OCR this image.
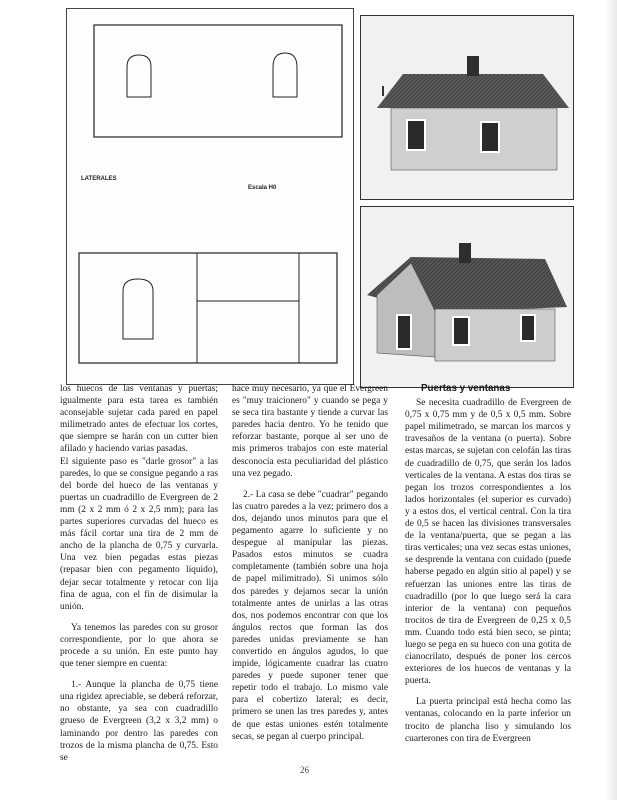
LATERALES
Escala H0

los huecos de las ventanas y puertas; igualmente para esta tarea es también aconsejable sujetar cada pared en papel milimetrado antes de efectuar los cortes, que siempre se harán con un cutter bien afilado y haciendo varias pasadas.

El siguiente paso es "darle grosor" a las paredes, lo que se consigue pegando a ras del borde del hueco de las ventanas y puertas un cuadradillo de Evergreen de 2 mm (2 x 2 mm ó 2 x 2,5 mm); para las partes superiores curvadas del hueco es más fácil cortar una tira de 2 mm de ancho de la plancha de 0,75 y curvarla. Una vez bien pegadas estas piezas (repasar bien con pegamento líquido), dejar secar totalmente y retocar con lija fina de agua, con el fin de disimular la unión.

Ya tenemos las paredes con su grosor correspondiente, por lo que ahora se procede a su unión. En este punto hay que tener siempre en cuenta:

1.- Aunque la plancha de 0,75 tiene una rigidez apreciable, se deberá reforzar, no obstante, ya sea con cuadradillo grueso de Evergreen (3,2 x 3,2 mm) o laminando por dentro las paredes con trozos de la misma plancha de 0,75. Esto se

hace muy necesario, ya que el Evergreen es "muy traicionero" y cuando se pega y se seca tira bastante y tiende a curvar las paredes hacia dentro. Yo he tenido que reforzar bastante, porque al ser uno de mis primeros trabajos con este material desconocía esta peculiaridad del plástico una vez pegado.

2.- La casa se debe "cuadrar" pegando las cuatro paredes a la vez; primero dos a dos, dejando unos minutos para que el pegamento agarre lo suficiente y no despegue al manipular las piezas. Pasados estos minutos se cuadra completamente (también sobre una hoja de papel milimitrado). Si unimos sólo dos paredes y dejamos secar la unión totalmente antes de unirlas a las otras dos, nos podemos encontrar con que los ángulos rectos que forman las dos paredes unidas previamente se han convertido en ángulos agudos, lo que impide, lógicamente cuadrar las cuatro paredes y puede suponer tener que repetir todo el trabajo. Lo mismo vale para el cobertizo lateral; es decir, primero se unen las tres paredes y, antes de que estas uniones estén totalmente secas, se pegan al cuerpo principal.

Puertas y ventanas

Se necesita cuadradillo de Evergreen de 0,75 x 0,75 mm y de 0,5 x 0,5 mm. Sobre papel milimetrado, se marcan los marcos y travesaños de la ventana (o puerta). Sobre estas marcas, se sujetan con celofán las tiras de cuadradillo de 0,75, que serán los lados verticales de la ventana. A estas dos tiras se pegan los trozos correspondientes a los lados horizontales (el superior es curvado) y a estos dos, el vertical central. Con la tira de 0,5 se hacen las divisiones transversales de la ventana/puerta, que se pegan a las tiras verticales; una vez secas estas uniones, se desprende la ventana con cuidado (puede haberse pegado en algún sitio al papel) y se refuerzan las uniones entre las tiras de cuadradillo (por lo que luego será la cara interior de la ventana) con pequeños trocitos de tira de Evergreen de 0,25 x 0,5 mm. Cuando todo está bien seco, se pinta; luego se pega en su hueco con una gotita de cianocrilato, después de poner los cercos exteriores de los huecos de ventanas y la puerta.

La puerta principal está hecha como las ventanas, colocando en la parte inferior un trocito de plancha liso y simulando los cuarterones con tira de Evergreen

26
